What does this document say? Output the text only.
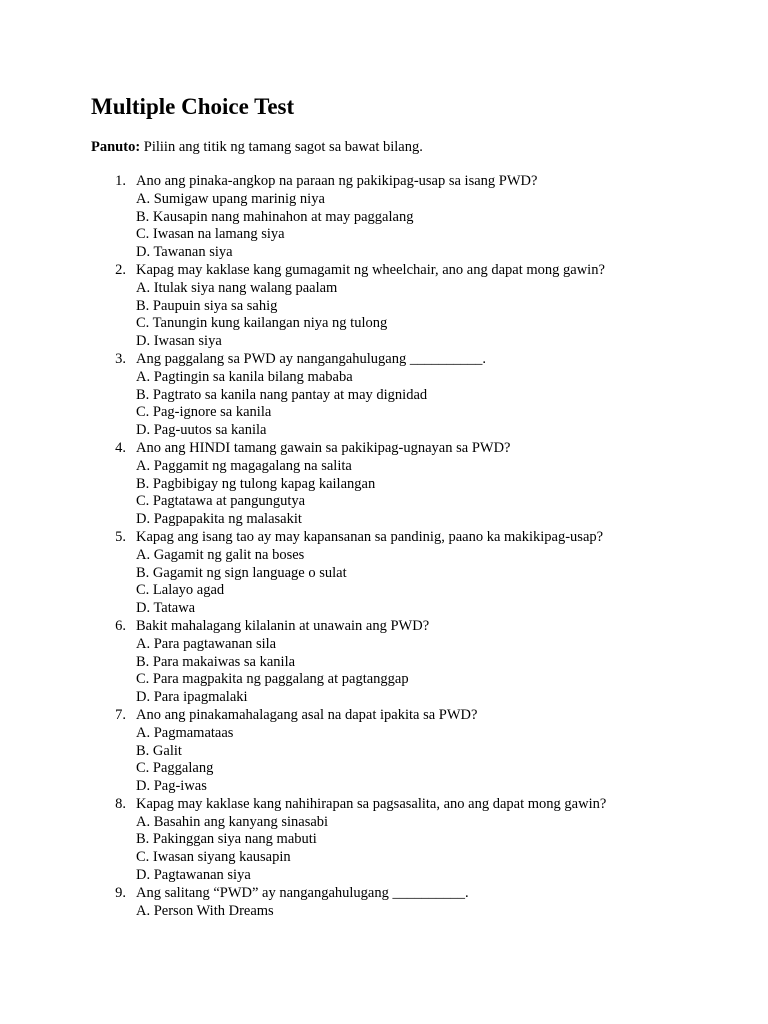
Multiple Choice Test
Panuto: Piliin ang titik ng tamang sagot sa bawat bilang.
1. Ano ang pinaka-angkop na paraan ng pakikipag-usap sa isang PWD?
A. Sumigaw upang marinig niya
B. Kausapin nang mahinahon at may paggalang
C. Iwasan na lamang siya
D. Tawanan siya
2. Kapag may kaklase kang gumagamit ng wheelchair, ano ang dapat mong gawin?
A. Itulak siya nang walang paalam
B. Paupuin siya sa sahig
C. Tanungin kung kailangan niya ng tulong
D. Iwasan siya
3. Ang paggalang sa PWD ay nangangahulugang __________.
A. Pagtingin sa kanila bilang mababa
B. Pagtrato sa kanila nang pantay at may dignidad
C. Pag-ignore sa kanila
D. Pag-uutos sa kanila
4. Ano ang HINDI tamang gawain sa pakikipag-ugnayan sa PWD?
A. Paggamit ng magagalang na salita
B. Pagbibigay ng tulong kapag kailangan
C. Pagtatawa at pangungutya
D. Pagpapakita ng malasakit
5. Kapag ang isang tao ay may kapansanan sa pandinig, paano ka makikipag-usap?
A. Gagamit ng galit na boses
B. Gagamit ng sign language o sulat
C. Lalayo agad
D. Tatawa
6. Bakit mahalagang kilalanin at unawain ang PWD?
A. Para pagtawanan sila
B. Para makaiwas sa kanila
C. Para magpakita ng paggalang at pagtanggap
D. Para ipagmalaki
7. Ano ang pinakamahalagang asal na dapat ipakita sa PWD?
A. Pagmamataas
B. Galit
C. Paggalang
D. Pag-iwas
8. Kapag may kaklase kang nahihirapan sa pagsasalita, ano ang dapat mong gawin?
A. Basahin ang kanyang sinasabi
B. Pakinggan siya nang mabuti
C. Iwasan siyang kausapin
D. Pagtawanan siya
9. Ang salitang “PWD” ay nangangahulugang __________.
A. Person With Dreams
